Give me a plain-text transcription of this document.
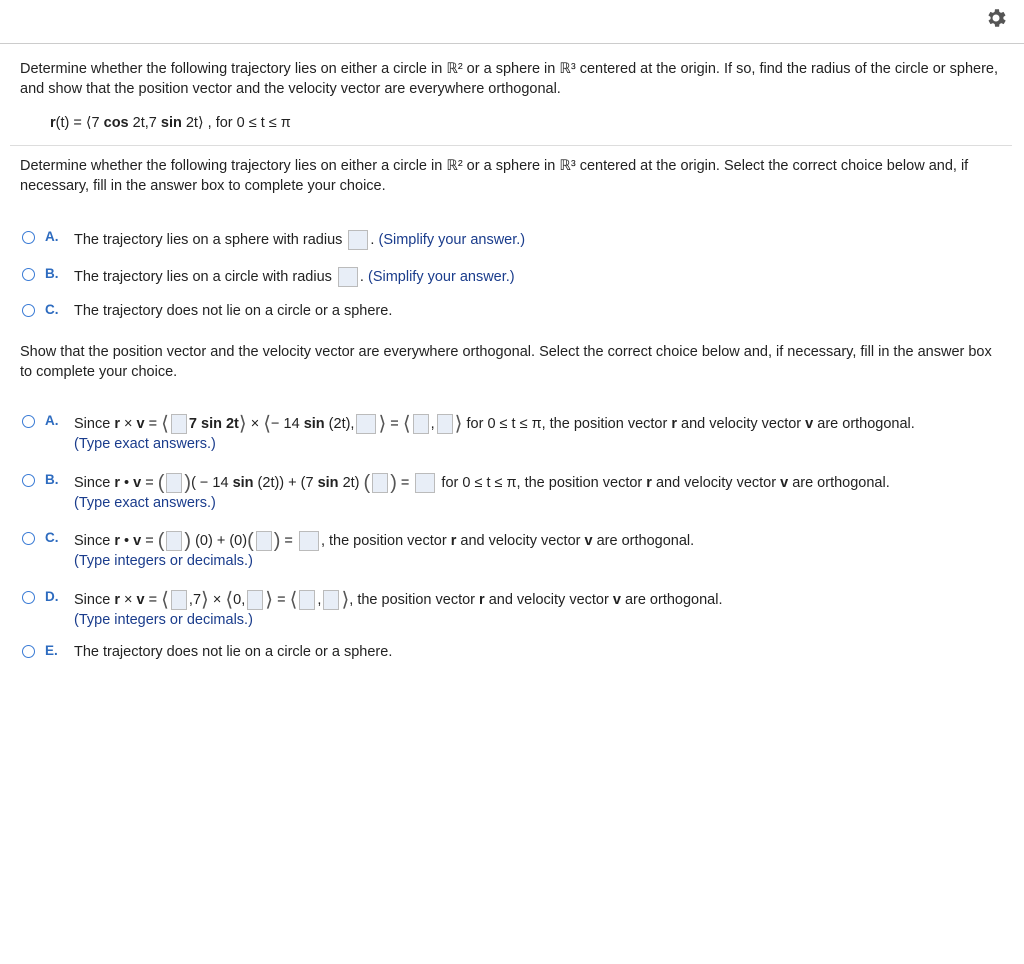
Determine whether the following trajectory lies on either a circle in ℝ² or a sphere in ℝ³ centered at the origin. If so, find the radius of the circle or sphere, and show that the position vector and the velocity vector are everywhere orthogonal.
r(t) = ⟨7 cos 2t,7 sin 2t⟩ , for 0 ≤ t ≤ π
Determine whether the following trajectory lies on either a circle in ℝ² or a sphere in ℝ³ centered at the origin. Select the correct choice below and, if necessary, fill in the answer box to complete your choice.
A. The trajectory lies on a sphere with radius . (Simplify your answer.)
B. The trajectory lies on a circle with radius . (Simplify your answer.)
C. The trajectory does not lie on a circle or a sphere.
Show that the position vector and the velocity vector are everywhere orthogonal. Select the correct choice below and, if necessary, fill in the answer box to complete your choice.
A. Since r × v = ⟨ 7 sin 2t⟩ × ⟨− 14 sin (2t), ⟩ = ⟨ , ⟩ for 0 ≤ t ≤ π, the position vector r and velocity vector v are orthogonal.
(Type exact answers.)
B. Since r • v = ( )( − 14 sin (2t)) + (7 sin 2t) ( ) =  for 0 ≤ t ≤ π, the position vector r and velocity vector v are orthogonal.
(Type exact answers.)
C. Since r • v = ( ) (0) + (0)( ) = , the position vector r and velocity vector v are orthogonal.
(Type integers or decimals.)
D. Since r × v = ⟨ ,7⟩ × ⟨0, ⟩ = ⟨ , ⟩, the position vector r and velocity vector v are orthogonal.
(Type integers or decimals.)
E. The trajectory does not lie on a circle or a sphere.
